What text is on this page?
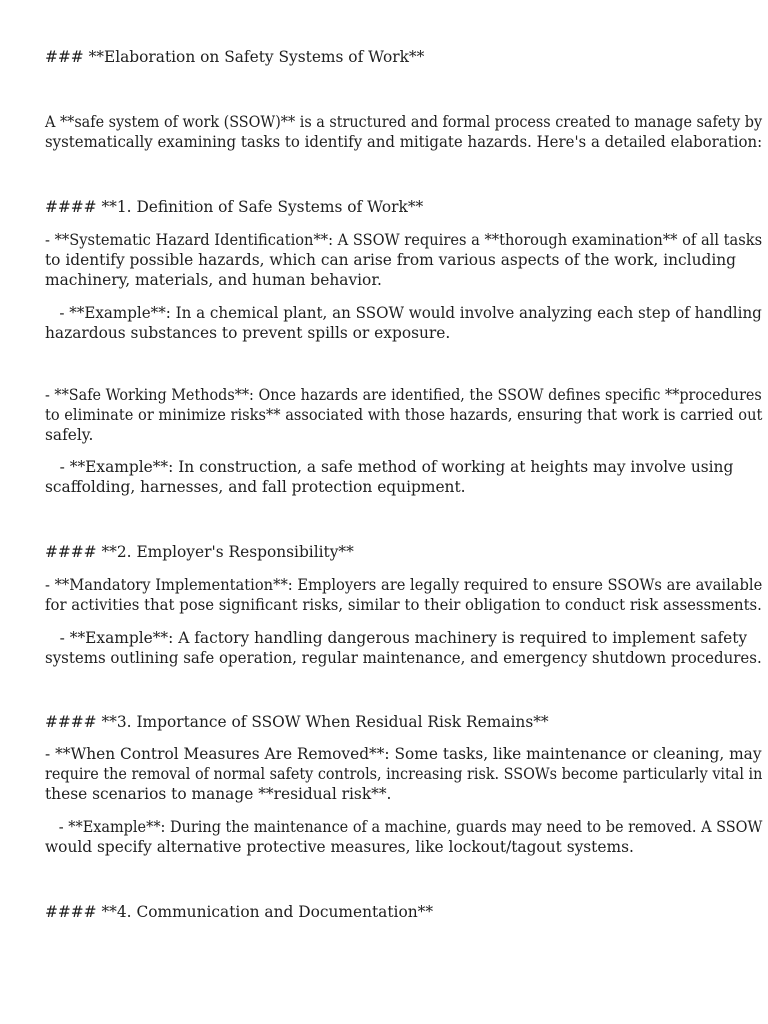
### **Elaboration on Safety Systems of Work**
A **safe system of work (SSOW)** is a structured and formal process created to manage safety by
systematically examining tasks to identify and mitigate hazards. Here's a detailed elaboration:
#### **1. Definition of Safe Systems of Work**
- **Systematic Hazard Identification**: A SSOW requires a **thorough examination** of all tasks
to identify possible hazards, which can arise from various aspects of the work, including
machinery, materials, and human behavior.
- **Example**: In a chemical plant, an SSOW would involve analyzing each step of handling
hazardous substances to prevent spills or exposure.
- **Safe Working Methods**: Once hazards are identified, the SSOW defines specific **procedures
to eliminate or minimize risks** associated with those hazards, ensuring that work is carried out
safely.
- **Example**: In construction, a safe method of working at heights may involve using
scaffolding, harnesses, and fall protection equipment.
#### **2. Employer's Responsibility**
- **Mandatory Implementation**: Employers are legally required to ensure SSOWs are available
for activities that pose significant risks, similar to their obligation to conduct risk assessments.
- **Example**: A factory handling dangerous machinery is required to implement safety
systems outlining safe operation, regular maintenance, and emergency shutdown procedures.
#### **3. Importance of SSOW When Residual Risk Remains**
- **When Control Measures Are Removed**: Some tasks, like maintenance or cleaning, may
require the removal of normal safety controls, increasing risk. SSOWs become particularly vital in
these scenarios to manage **residual risk**.
- **Example**: During the maintenance of a machine, guards may need to be removed. A SSOW
would specify alternative protective measures, like lockout/tagout systems.
#### **4. Communication and Documentation**
